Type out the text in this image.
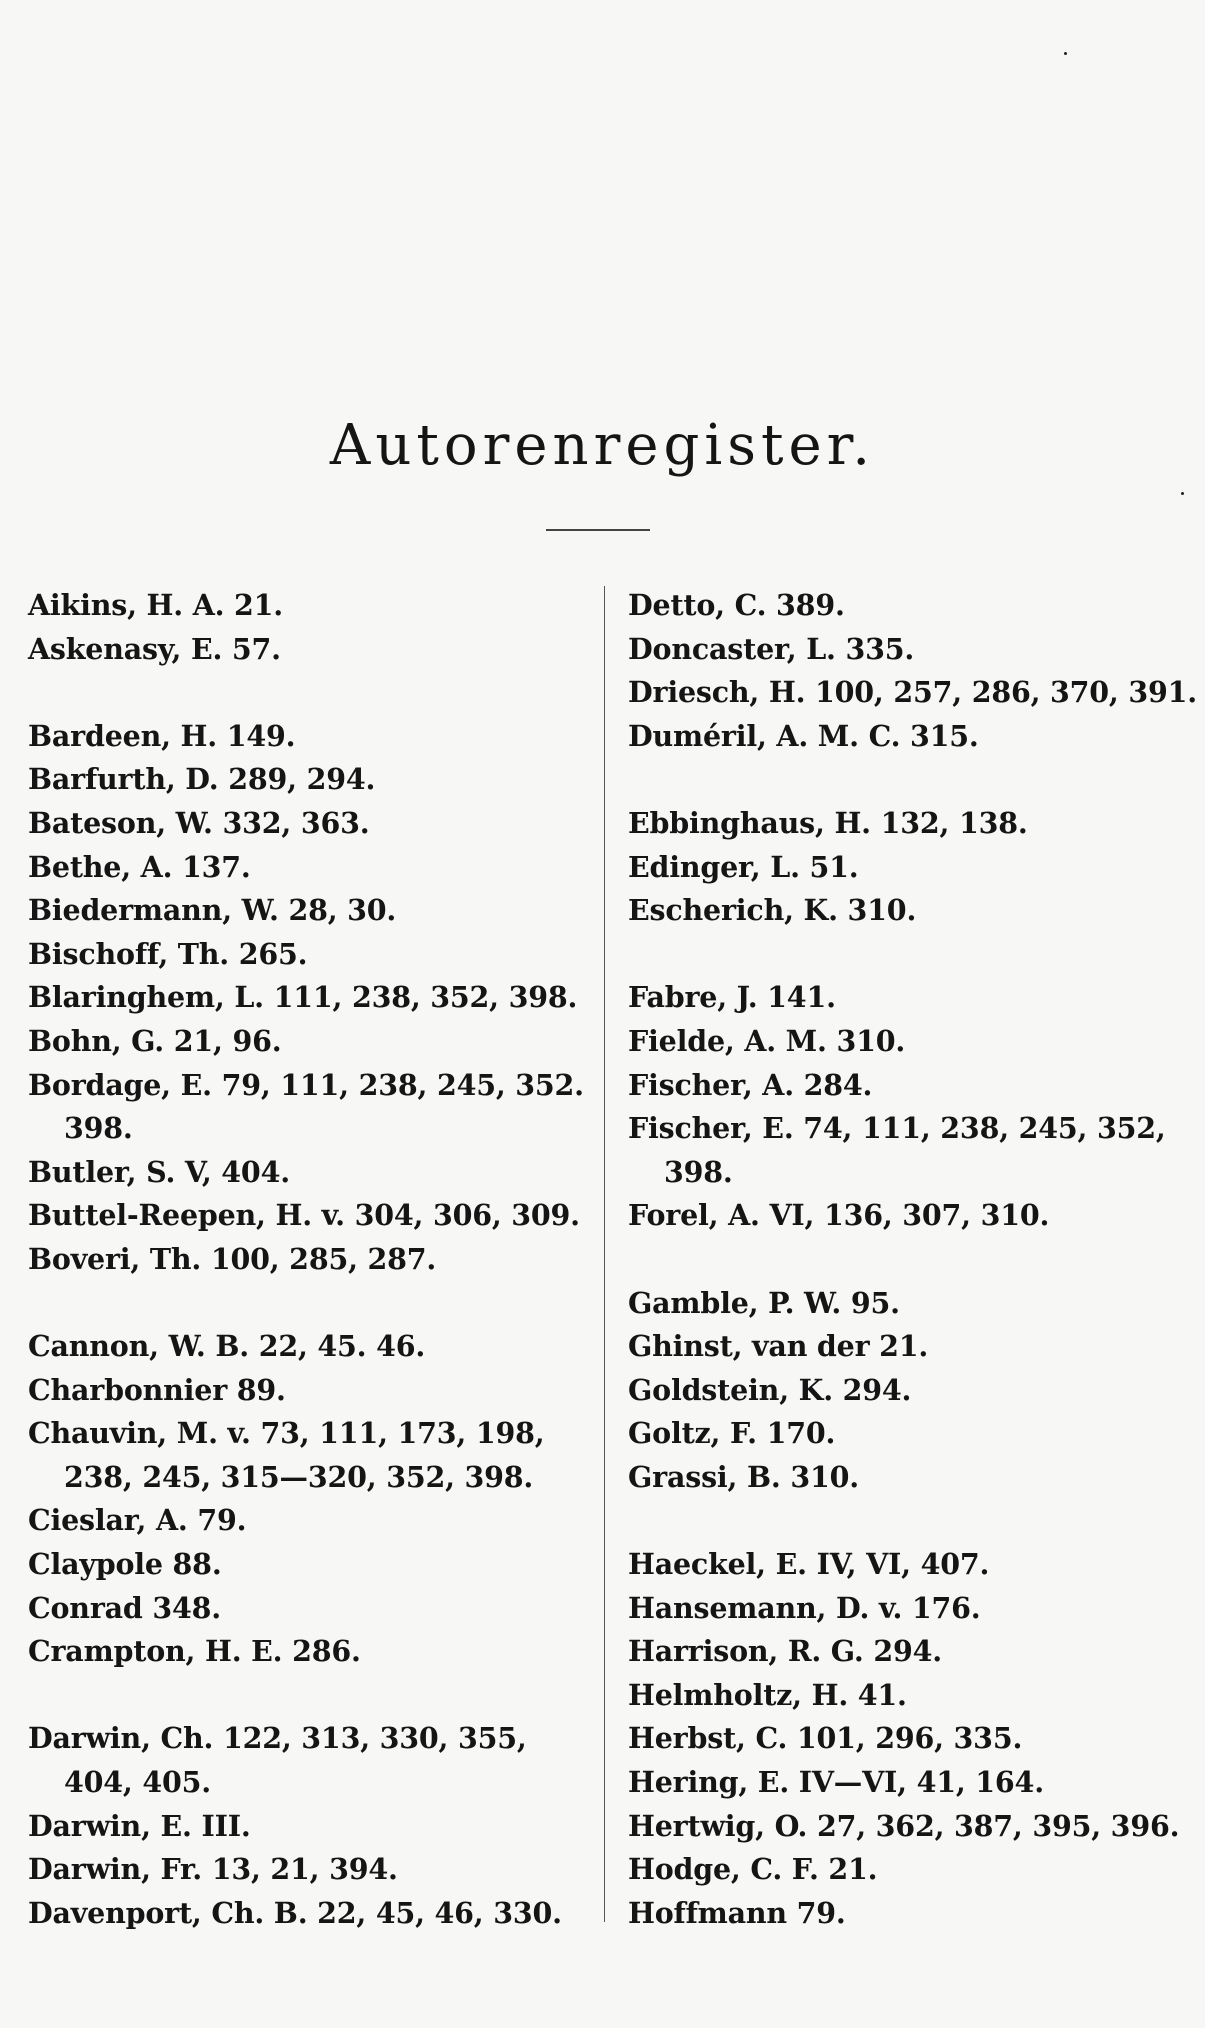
Autorenregister.
Aikins, H. A. 21.
Askenasy, E. 57.
Bardeen, H. 149.
Barfurth, D. 289, 294.
Bateson, W. 332, 363.
Bethe, A. 137.
Biedermann, W. 28, 30.
Bischoff, Th. 265.
Blaringhem, L. 111, 238, 352, 398.
Bohn, G. 21, 96.
Bordage, E. 79, 111, 238, 245, 352.
398.
Butler, S. V, 404.
Buttel-Reepen, H. v. 304, 306, 309.
Boveri, Th. 100, 285, 287.
Cannon, W. B. 22, 45. 46.
Charbonnier 89.
Chauvin, M. v. 73, 111, 173, 198,
238, 245, 315—320, 352, 398.
Cieslar, A. 79.
Claypole 88.
Conrad 348.
Crampton, H. E. 286.
Darwin, Ch. 122, 313, 330, 355,
404, 405.
Darwin, E. III.
Darwin, Fr. 13, 21, 394.
Davenport, Ch. B. 22, 45, 46, 330.
Detto, C. 389.
Doncaster, L. 335.
Driesch, H. 100, 257, 286, 370, 391.
Duméril, A. M. C. 315.
Ebbinghaus, H. 132, 138.
Edinger, L. 51.
Escherich, K. 310.
Fabre, J. 141.
Fielde, A. M. 310.
Fischer, A. 284.
Fischer, E. 74, 111, 238, 245, 352,
398.
Forel, A. VI, 136, 307, 310.
Gamble, P. W. 95.
Ghinst, van der 21.
Goldstein, K. 294.
Goltz, F. 170.
Grassi, B. 310.
Haeckel, E. IV, VI, 407.
Hansemann, D. v. 176.
Harrison, R. G. 294.
Helmholtz, H. 41.
Herbst, C. 101, 296, 335.
Hering, E. IV—VI, 41, 164.
Hertwig, O. 27, 362, 387, 395, 396.
Hodge, C. F. 21.
Hoffmann 79.
